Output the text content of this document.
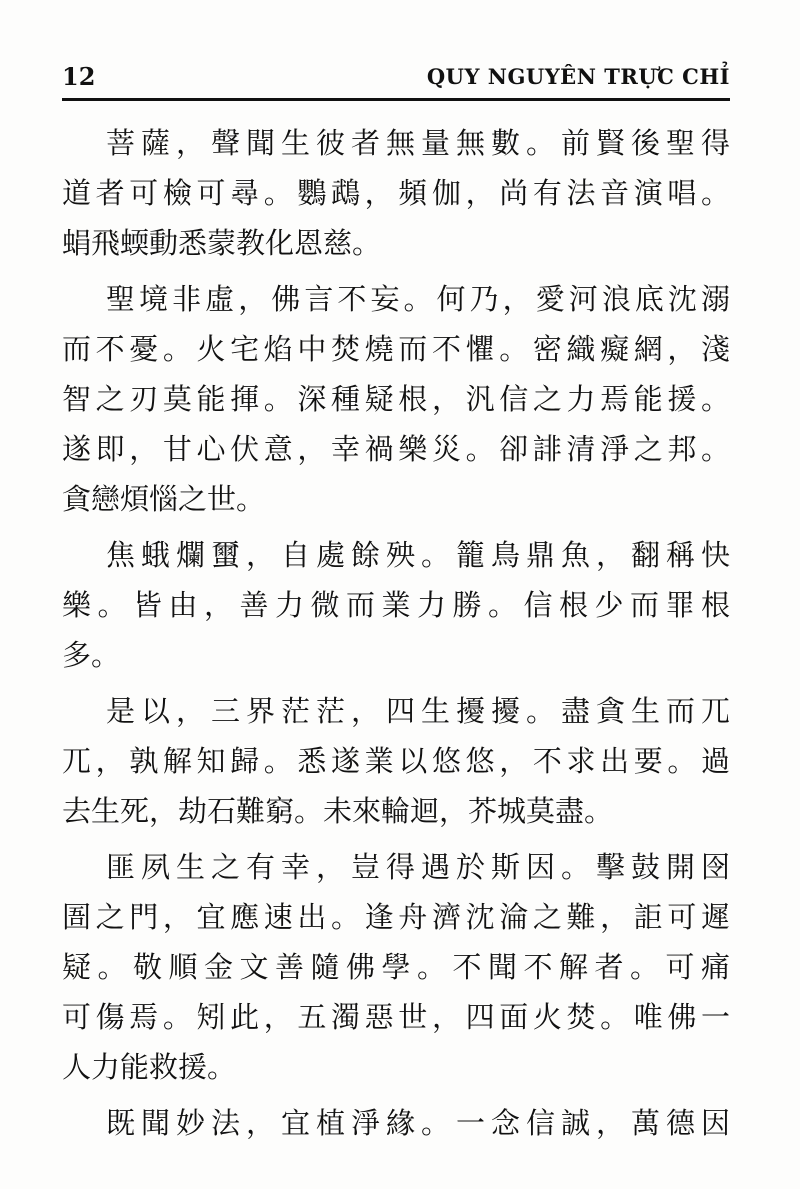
12	QUY NGUYÊN TRỰC CHỈ
菩薩，聲聞生彼者無量無數。前賢後聖得
道者可檢可尋。鸚鵡，頻伽，尚有法音演唱。
蜎飛蝡動悉蒙教化恩慈。
聖境非虛，佛言不妄。何乃，愛河浪底沈溺
而不憂。火宅焰中焚燒而不懼。密織癡網，淺
智之刃莫能揮。深種疑根，汎信之力焉能援。
遂即，甘心伏意，幸禍樂災。卻誹清淨之邦。
貪戀煩惱之世。
焦蛾爛蠒，自處餘殃。籠鳥鼎魚，翻稱快
樂。皆由，善力微而業力勝。信根少而罪根
多。
是以，三界茫茫，四生擾擾。盡貪生而兀
兀，孰解知歸。悉遂業以悠悠，不求出要。過
去生死，劫石難窮。未來輪迴，芥城莫盡。
匪夙生之有幸，豈得遇於斯因。擊鼓開囹
圄之門，宜應速出。逢舟濟沈淪之難，詎可遲
疑。敬順金文善隨佛學。不聞不解者。可痛
可傷焉。矧此，五濁惡世，四面火焚。唯佛一
人力能救援。
既聞妙法，宜植淨緣。一念信誠，萬德因
